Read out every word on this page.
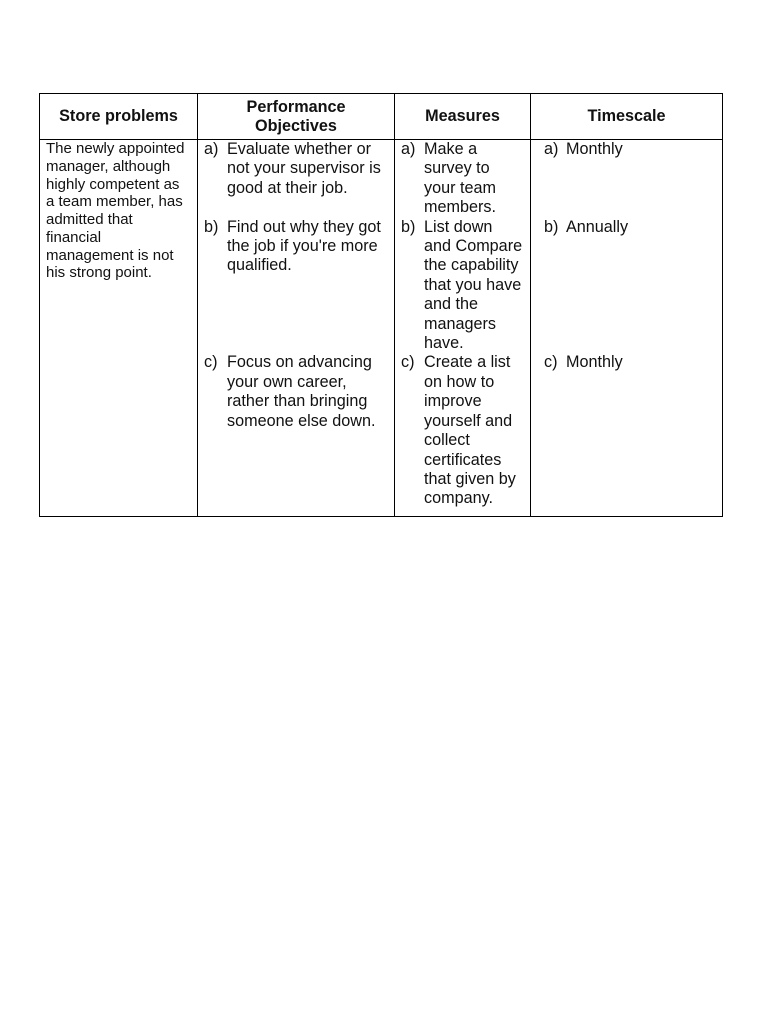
Store problems
Performance
Objectives
Measures	Timescale

The newly appointed
manager, although
highly competent as
a team member, has
admitted that
financial
management is not
his strong point.

a) Evaluate whether or
not your supervisor is
good at their job.
a) Make a
survey to
your team
members.
a) Monthly
b) Find out why they got
the job if you're more
qualified.
b) List down
and Compare
the capability
that you have
and the
managers
have.
b) Annually
c) Focus on advancing
your own career,
rather than bringing
someone else down.
c) Create a list
on how to
improve
yourself and
collect
certificates
that given by
company.
c) Monthly
